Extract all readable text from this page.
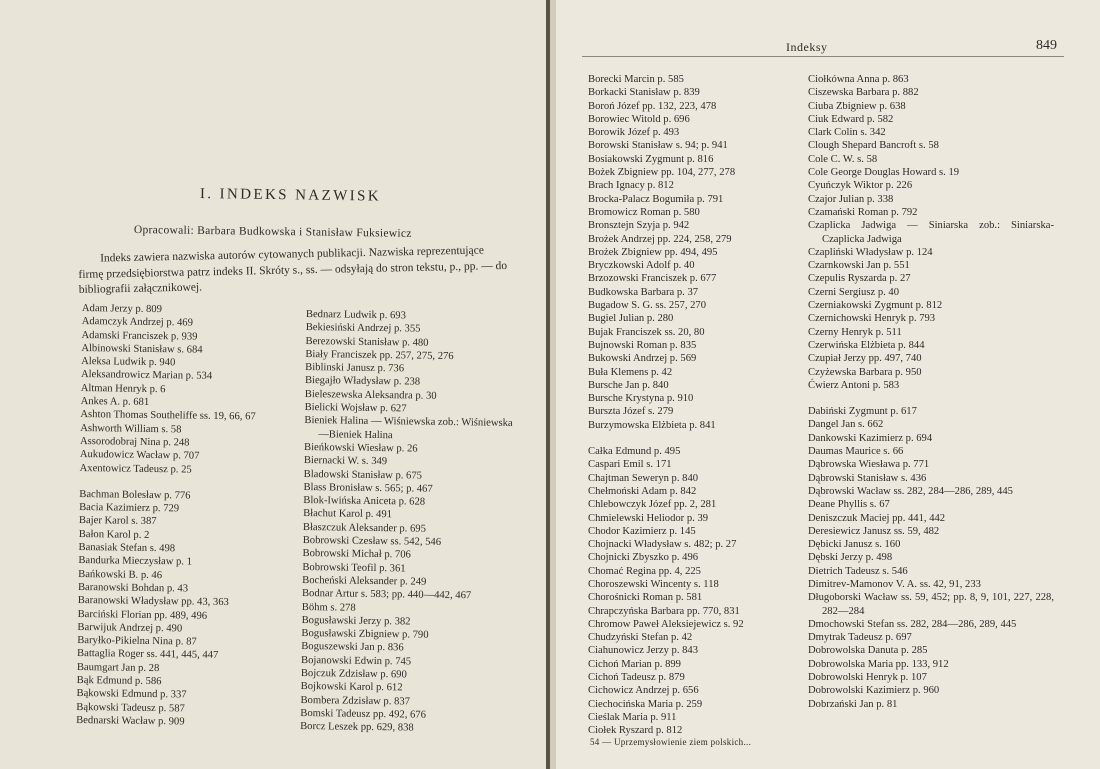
I. INDEKS NAZWISK
Opracowali: Barbara Budkowska i Stanisław Fuksiewicz

Indeks zawiera nazwiska autorów cytowanych publikacji. Nazwiska reprezentujące firmę przedsiębiorstwa patrz indeks II. Skróty s., ss. — odsyłają do stron tekstu, p., pp. — do bibliografii załącznikowej.

Adam Jerzy p. 809
Adamczyk Andrzej p. 469
Adamski Franciszek p. 939
Albinowski Stanisław s. 684
Aleksa Ludwik p. 940
Aleksandrowicz Marian p. 534
Altman Henryk p. 6
Ankes A. p. 681
Ashton Thomas Southeliffe ss. 19, 66, 67
Ashworth William s. 58
Assorodobraj Nina p. 248
Aukudowicz Wacław p. 707
Axentowicz Tadeusz p. 25
Bachman Bolesław p. 776
Bacia Kazimierz p. 729
Bajer Karol s. 387
Bałon Karol p. 2
Banasiak Stefan s. 498
Bandurka Mieczysław p. 1
Bańkowski B. p. 46
Baranowski Bohdan p. 43
Baranowski Władysław pp. 43, 363
Barciński Florian pp. 489, 496
Barwijuk Andrzej p. 490
Baryłko-Pikielna Nina p. 87
Battaglia Roger ss. 441, 445, 447
Baumgart Jan p. 28
Bąk Edmund p. 586
Bąkowski Edmund p. 337
Bąkowski Tadeusz p. 587
Bednarski Wacław p. 909
Bednarz Ludwik p. 693
Bekiesiński Andrzej p. 355
Berezowski Stanisław p. 480
Biały Franciszek pp. 257, 275, 276
Biblinski Janusz p. 736
Biegajło Władysław p. 238
Bieleszewska Aleksandra p. 30
Bielicki Wojsław p. 627
Bieniek Halina — Wiśniewska zob.: Wiśniewska—Bieniek Halina
Bieńkowski Wiesław p. 26
Biernacki W. s. 349
Bladowski Stanisław p. 675
Blass Bronisław s. 565; p. 467
Blok-Iwińska Aniceta p. 628
Błachut Karol p. 491
Błaszczuk Aleksander p. 695
Bobrowski Czesław ss. 542, 546
Bobrowski Michał p. 706
Bobrowski Teofil p. 361
Bocheński Aleksander p. 249
Bodnar Artur s. 583; pp. 440—442, 467
Böhm s. 278
Bogusławski Jerzy p. 382
Bogusławski Zbigniew p. 790
Boguszewski Jan p. 836
Bojanowski Edwin p. 745
Bojczuk Zdzisław p. 690
Bojkowski Karol p. 612
Bombera Zdzisław p. 837
Bomski Tadeusz pp. 492, 676
Borcz Leszek pp. 629, 838
Indeksy	849
Borecki Marcin p. 585
Borkacki Stanisław p. 839
Boroń Józef pp. 132, 223, 478
Borowiec Witold p. 696
Borowik Józef p. 493
Borowski Stanisław s. 94; p. 941
Bosiakowski Zygmunt p. 816
Bożek Zbigniew pp. 104, 277, 278
Brach Ignacy p. 812
Brocka-Palacz Bogumiła p. 791
Bromowicz Roman p. 580
Bronsztejn Szyja p. 942
Brożek Andrzej pp. 224, 258, 279
Brożek Zbigniew pp. 494, 495
Bryczkowski Adolf p. 40
Brzozowski Franciszek p. 677
Budkowska Barbara p. 37
Bugadow S. G. ss. 257, 270
Bugiel Julian p. 280
Bujak Franciszek ss. 20, 80
Bujnowski Roman p. 835
Bukowski Andrzej p. 569
Buła Klemens p. 42
Bursche Jan p. 840
Bursche Krystyna p. 910
Bursztа Józef s. 279
Burzymowska Elżbieta p. 841
Całka Edmund p. 495
Caspari Emil s. 171
Chajtman Seweryn p. 840
Chełmoński Adam p. 842
Chlebowczyk Józef pp. 2, 281
Chmielewski Heliodor p. 39
Chodor Kazimierz p. 145
Chojnacki Władysław s. 482; p. 27
Chojnicki Zbyszko p. 496
Chomać Regina pp. 4, 225
Choroszewski Wincenty s. 118
Chorośnicki Roman p. 581
Chrapczyńska Barbara pp. 770, 831
Chromow Paweł Aleksiejewicz s. 92
Chudzyński Stefan p. 42
Ciahunowicz Jerzy p. 843
Cichoń Marian p. 899
Cichoń Tadeusz p. 879
Cichowicz Andrzej p. 656
Ciechocińska Maria p. 259
Cieślak Maria p. 911
Ciołek Ryszard p. 812
Ciołkówna Anna p. 863
Ciszewska Barbara p. 882
Ciuba Zbigniew p. 638
Ciuk Edward p. 582
Clark Colin s. 342
Clough Shepard Bancroft s. 58
Cole C. W. s. 58
Cole George Douglas Howard s. 19
Cyuńczyk Wiktor p. 226
Czajor Julian p. 338
Czamański Roman p. 792
Czaplicka Jadwiga — Siniarska zob.: Siniarska-Czaplicka Jadwiga
Czapliński Władysław p. 124
Czarnkowski Jan p. 551
Czepulis Ryszarda p. 27
Czerni Sergiusz p. 40
Czerniakowski Zygmunt p. 812
Czernichowski Henryk p. 793
Czerny Henryk p. 511
Czerwińska Elżbieta p. 844
Czupiał Jerzy pp. 497, 740
Czyżewska Barbara p. 950
Ćwierz Antoni p. 583
Dabiński Zygmunt p. 617
Dangel Jan s. 662
Dankowski Kazimierz p. 694
Daumas Maurice s. 66
Dąbrowska Wiesława p. 771
Dąbrowski Stanisław s. 436
Dąbrowski Wacław ss. 282, 284—286, 289, 445
Deane Phyllis s. 67
Deniszczuk Maciej pp. 441, 442
Deresiewicz Janusz ss. 59, 482
Dębicki Janusz s. 160
Dębski Jerzy p. 498
Dietrich Tadeusz s. 546
Dimitrev-Mamonov V. A. ss. 42, 91, 233
Długoborski Wacław ss. 59, 452; pp. 8, 9, 101, 227, 228, 282—284
Dmochowski Stefan ss. 282, 284—286, 289, 445
Dmytrak Tadeusz p. 697
Dobrowolska Danuta p. 285
Dobrowolska Maria pp. 133, 912
Dobrowolski Henryk p. 107
Dobrowolski Kazimierz p. 960
Dobrzański Jan p. 81
54 — Uprzemysłowienie ziem polskich...
